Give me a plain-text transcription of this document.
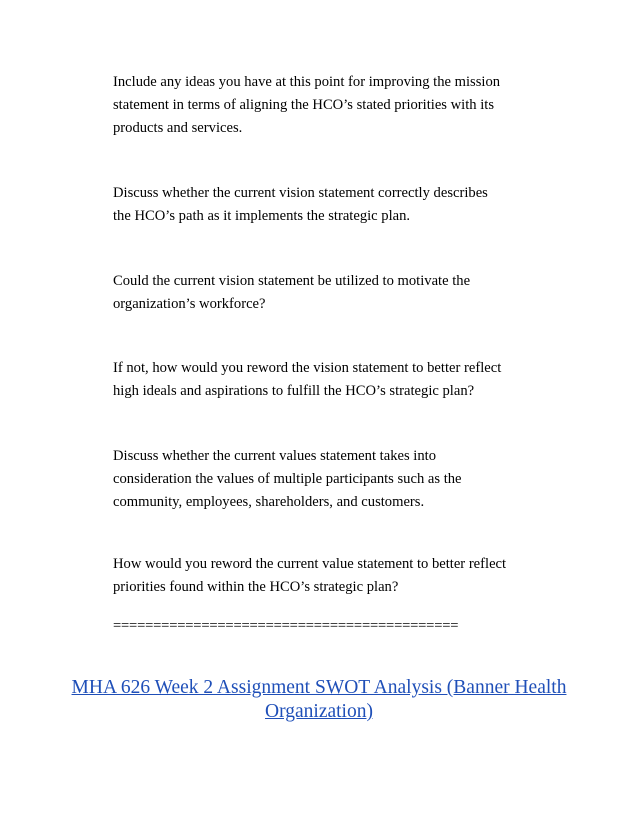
Include any ideas you have at this point for improving the mission
statement in terms of aligning the HCO’s stated priorities with its
products and services.

Discuss whether the current vision statement correctly describes
the HCO’s path as it implements the strategic plan.

Could the current vision statement be utilized to motivate the
organization’s workforce?

If not, how would you reword the vision statement to better reflect
high ideals and aspirations to fulfill the HCO’s strategic plan?

Discuss whether the current values statement takes into
consideration the values of multiple participants such as the
community, employees, shareholders, and customers.

How would you reword the current value statement to better reflect
priorities found within the HCO’s strategic plan?

===========================================
MHA 626 Week 2 Assignment SWOT Analysis (Banner Health
Organization)
